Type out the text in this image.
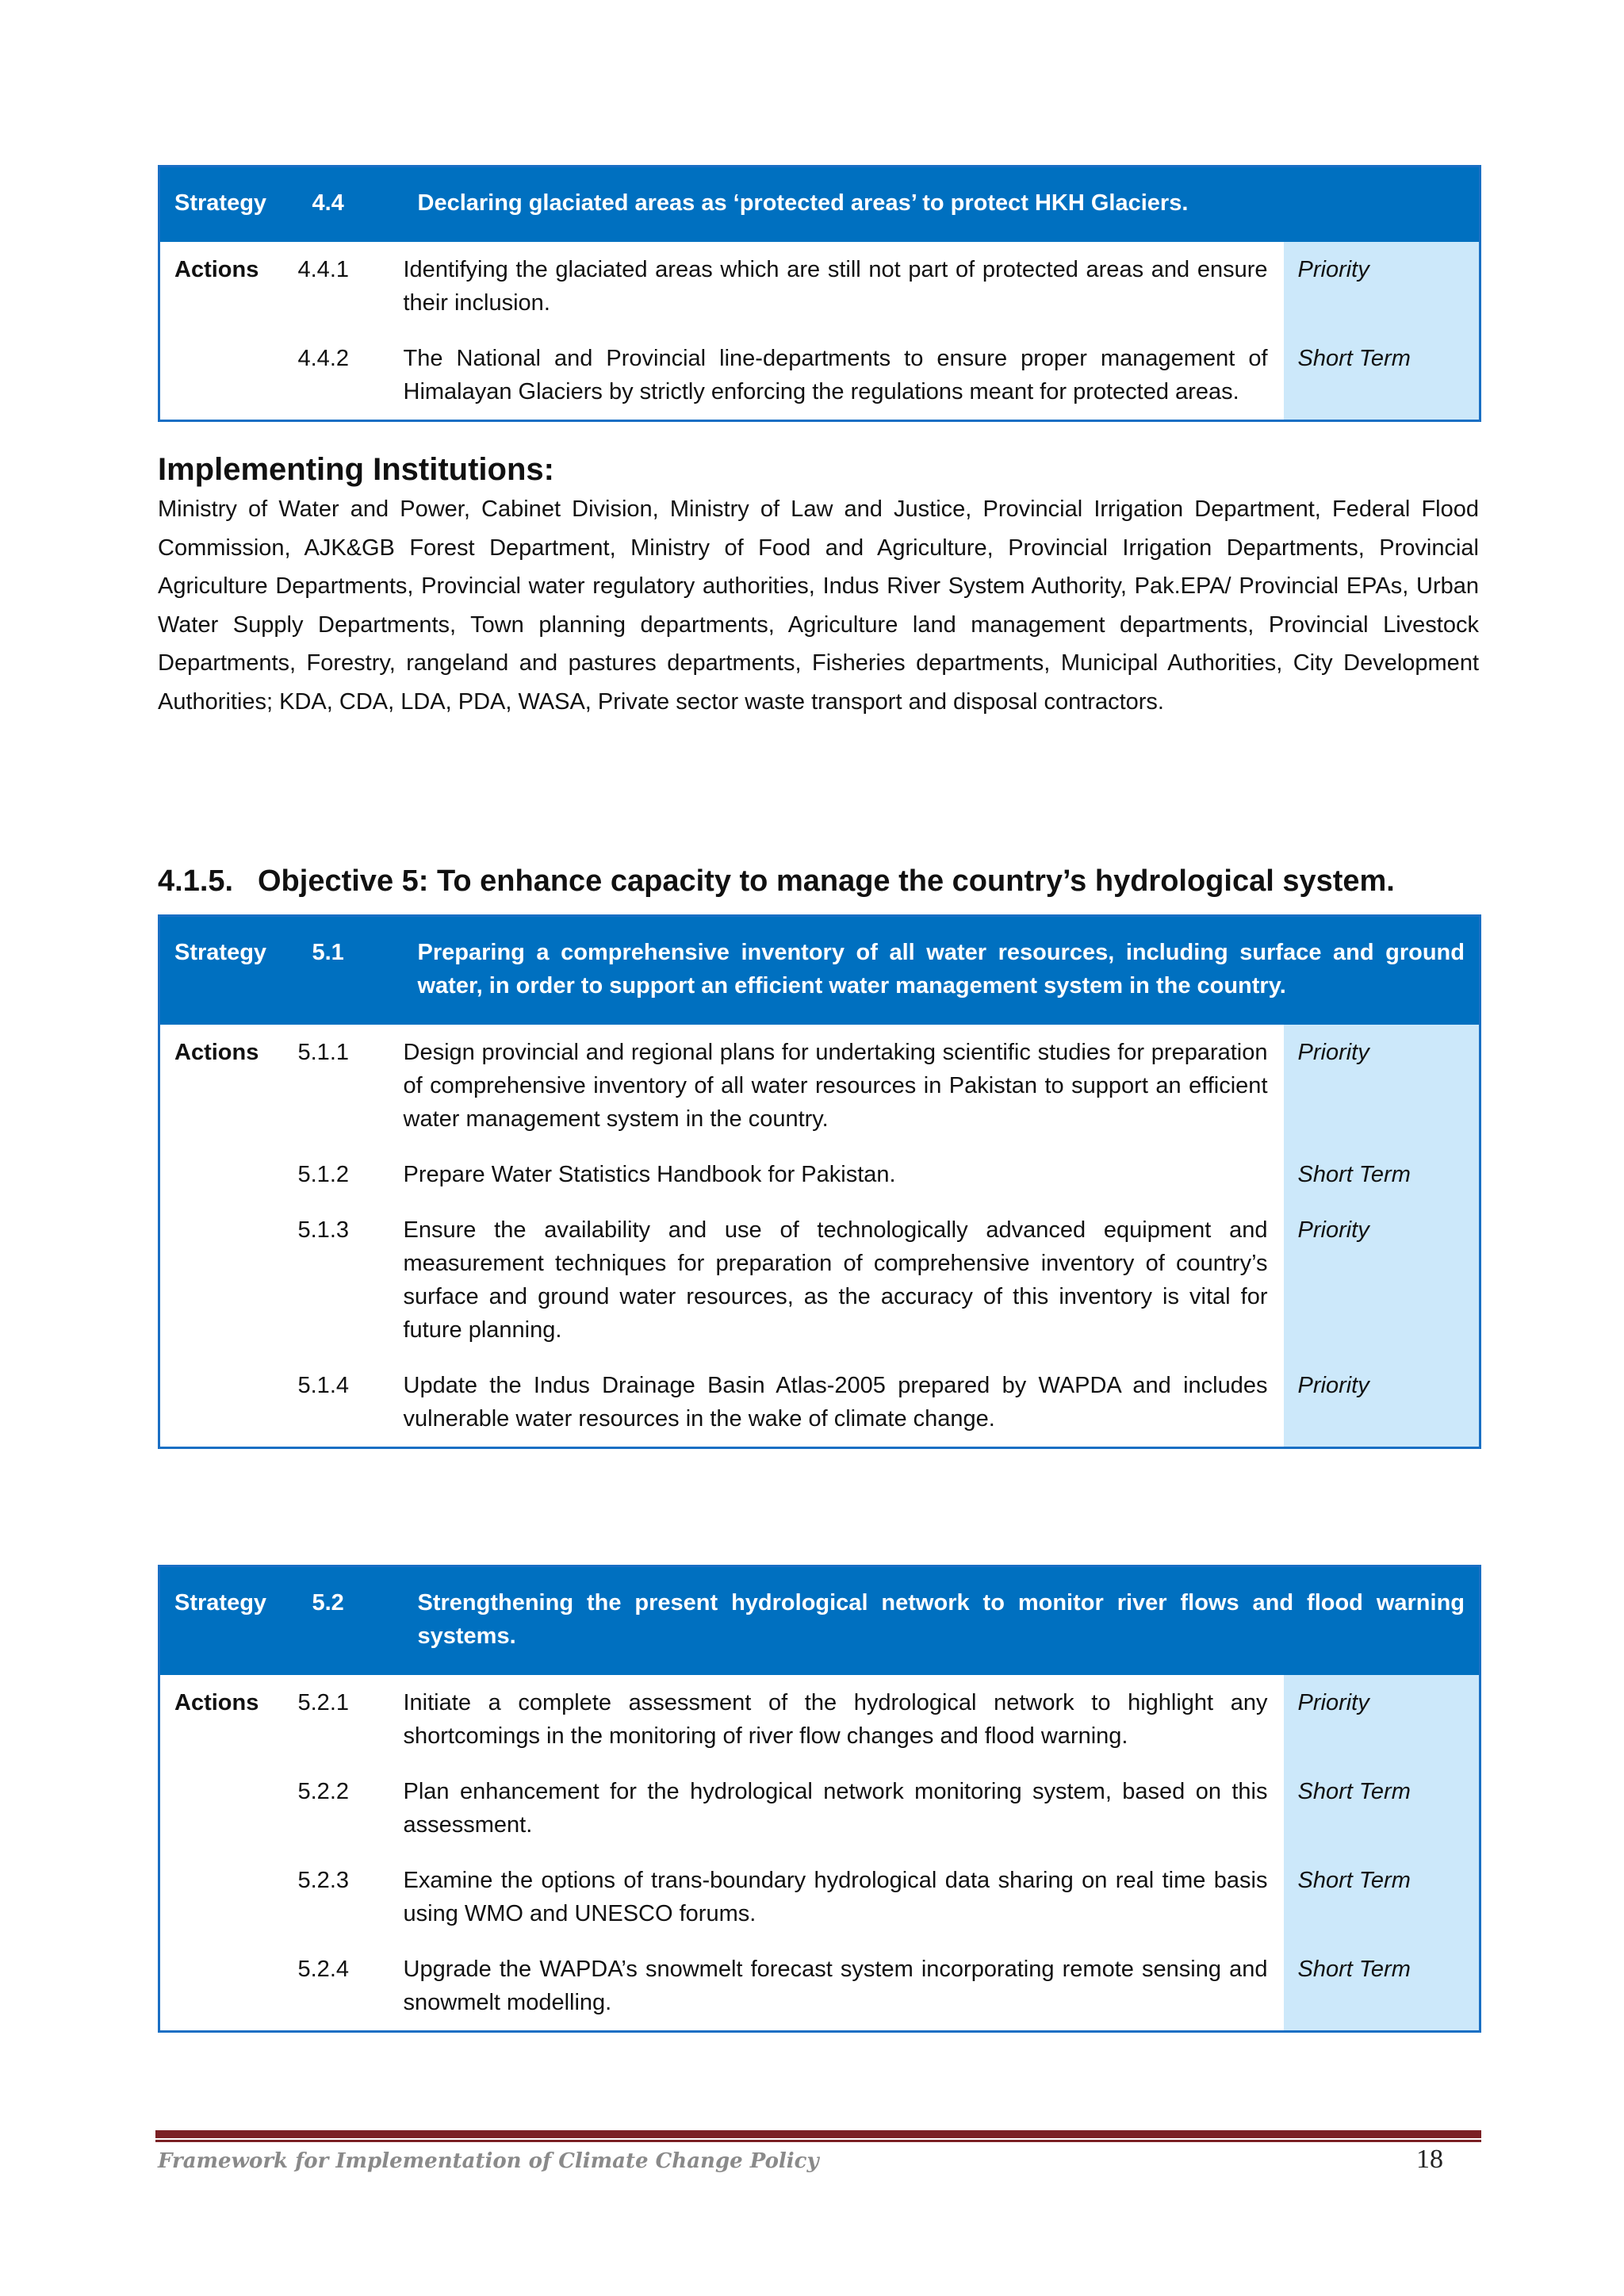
Strategy	4.4	Declaring glaciated areas as ‘protected areas’ to protect HKH Glaciers.	
Actions	4.4.1	Identifying the glaciated areas which are still not part of protected areas and ensure their inclusion.	Priority
	4.4.2	The National and Provincial line-departments to ensure proper management of Himalayan Glaciers by strictly enforcing the regulations meant for protected areas.	Short Term
Implementing Institutions:
Ministry of Water and Power, Cabinet Division, Ministry of Law and Justice, Provincial Irrigation Department, Federal Flood Commission, AJK&GB Forest Department, Ministry of Food and Agriculture, Provincial Irrigation Departments, Provincial Agriculture Departments, Provincial water regulatory authorities, Indus River System Authority, Pak.EPA/ Provincial EPAs, Urban Water Supply Departments, Town planning departments, Agriculture land management departments, Provincial Livestock Departments, Forestry, rangeland and pastures departments, Fisheries departments, Municipal Authorities, City Development Authorities; KDA, CDA, LDA, PDA, WASA, Private sector waste transport and disposal contractors.
4.1.5. Objective 5: To enhance capacity to manage the country’s hydrological system.
Strategy	5.1	Preparing a comprehensive inventory of all water resources, including surface and ground water, in order to support an efficient water management system in the country.	
Actions	5.1.1	Design provincial and regional plans for undertaking scientific studies for preparation of comprehensive inventory of all water resources in Pakistan to support an efficient water management system in the country.	Priority
	5.1.2	Prepare Water Statistics Handbook for Pakistan.	Short Term
	5.1.3	Ensure the availability and use of technologically advanced equipment and measurement techniques for preparation of comprehensive inventory of country’s surface and ground water resources, as the accuracy of this inventory is vital for future planning.	Priority
	5.1.4	Update the Indus Drainage Basin Atlas-2005 prepared by WAPDA and includes vulnerable water resources in the wake of climate change.	Priority
Strategy	5.2	Strengthening the present hydrological network to monitor river flows and flood warning systems.	
Actions	5.2.1	Initiate a complete assessment of the hydrological network to highlight any shortcomings in the monitoring of river flow changes and flood warning.	Priority
	5.2.2	Plan enhancement for the hydrological network monitoring system, based on this assessment.	Short Term
	5.2.3	Examine the options of trans-boundary hydrological data sharing on real time basis using WMO and UNESCO forums.	Short Term
	5.2.4	Upgrade the WAPDA’s snowmelt forecast system incorporating remote sensing and snowmelt modelling.	Short Term
Framework for Implementation of Climate Change Policy	18
